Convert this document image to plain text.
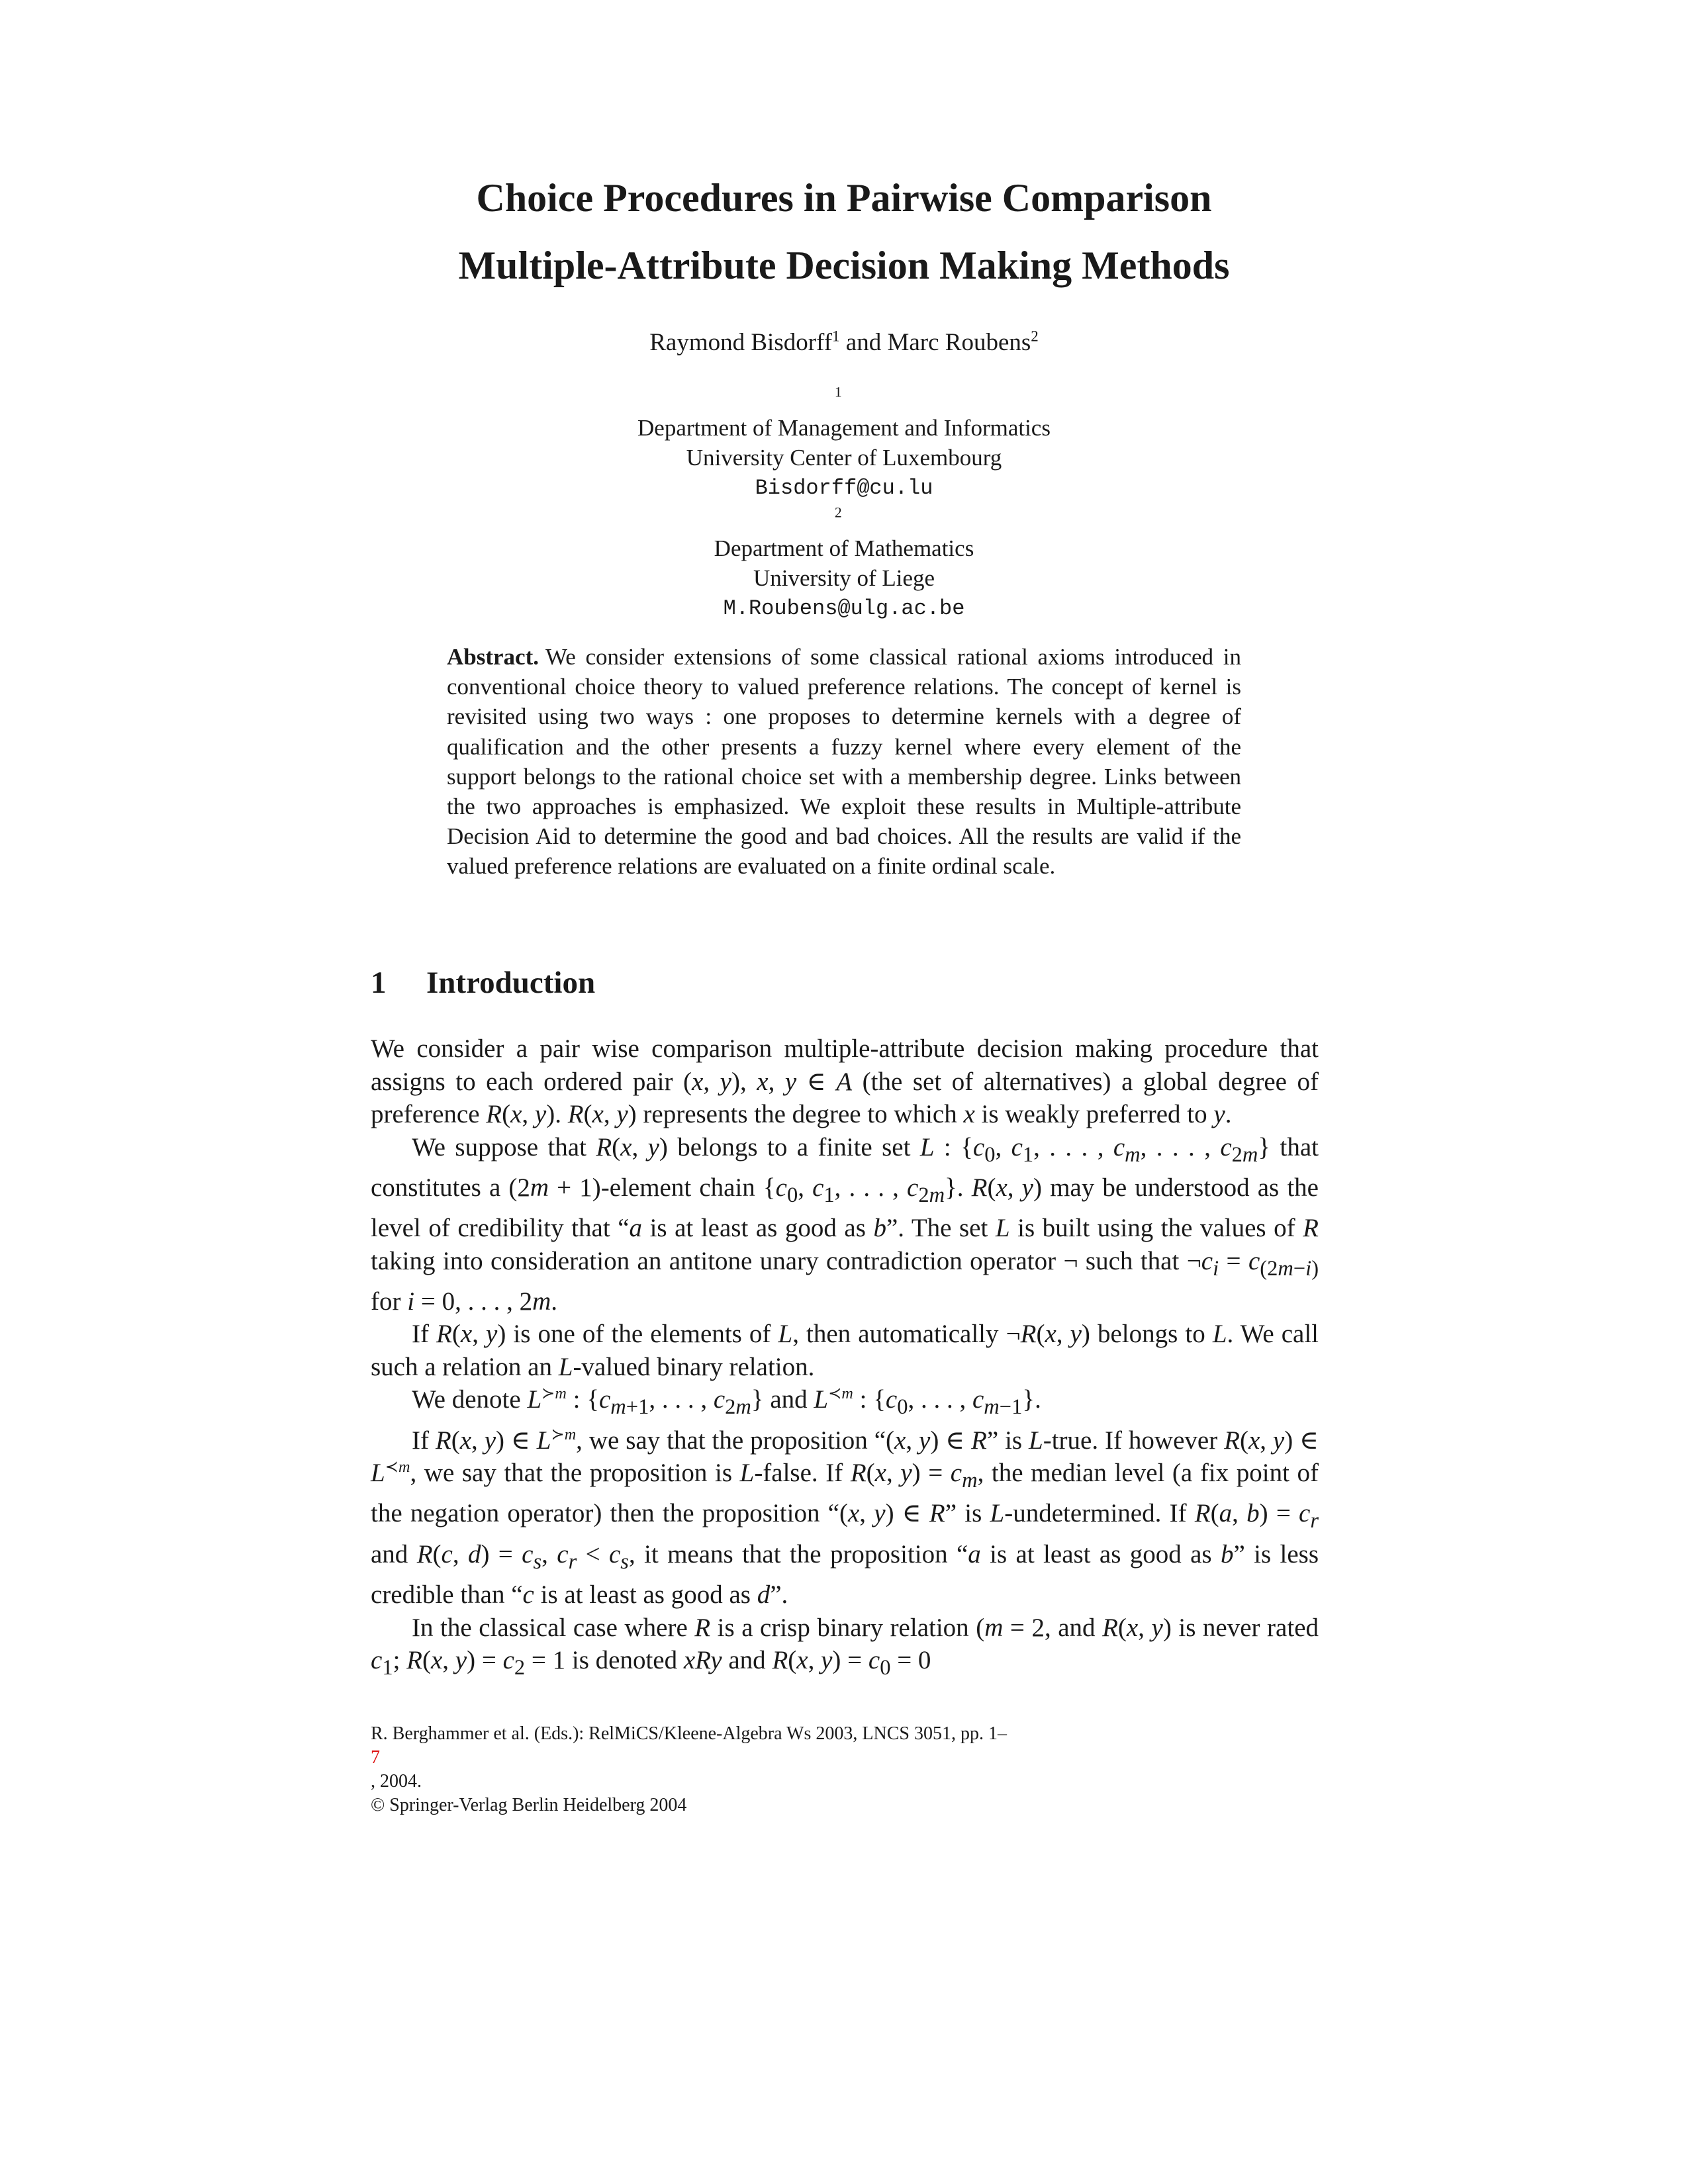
Choice Procedures in Pairwise Comparison
Multiple-Attribute Decision Making Methods
Raymond Bisdorff$^1$ and Marc Roubens$^2$
$^1$
Department of Management and Informatics
University Center of Luxembourg
Bisdorff@cu.lu
$^2$
Department of Mathematics
University of Liege
M.Roubens@ulg.ac.be

Abstract. We consider extensions of some classical rational axioms introduced in conventional choice theory to valued preference relations. The concept of kernel is revisited using two ways : one proposes to determine kernels with a degree of qualification and the other presents a fuzzy kernel where every element of the support belongs to the rational choice set with a membership degree. Links between the two approaches is emphasized. We exploit these results in Multiple-attribute Decision Aid to determine the good and bad choices. All the results are valid if the valued preference relations are evaluated on a finite ordinal scale.

1 Introduction

We consider a pair wise comparison multiple-attribute decision making procedure that assigns to each ordered pair (x, y), x, y ∈ A (the set of alternatives) a global degree of preference R(x, y). R(x, y) represents the degree to which x is weakly preferred to y.

We suppose that R(x, y) belongs to a finite set L : {$c_0$, $c_1$, . . . , $c_m$, . . . , $c_{2m}$} that constitutes a (2m + 1)-element chain {$c_0$, $c_1$, . . . , $c_{2m}$}. R(x, y) may be understood as the level of credibility that “a is at least as good as b”. The set L is built using the values of R taking into consideration an antitone unary contradiction operator ¬ such that $\neg c_i = c_{(2m-i)}$ for i = 0, . . . , 2m.

If R(x, y) is one of the elements of L, then automatically ¬R(x, y) belongs to L. We call such a relation an L-valued binary relation.

We denote $L^{≻m}$ : {$c_{m+1}$, . . . , $c_{2m}$} and $L^{≺m}$ : {$c_0$, . . . , $c_{m-1}$}.

If R(x, y) ∈ $L^{≻m}$, we say that the proposition “(x, y) ∈ R” is L-true. If however R(x, y) ∈ $L^{≺m}$, we say that the proposition is L-false. If R(x, $y) = c_m$, the median level (a fix point of the negation operator) then the proposition “(x, y) ∈ R” is L-undetermined. If R(a, $b) = c_r$ and R(c, $d) = c_s$, $c_r < c_s$, it means that the proposition “a is at least as good as b” is less credible than “c is at least as good as d”.

In the classical case where R is a crisp binary relation (m = 2, and R(x, y) is never rated $c_1$; R(x, $y) = c_2 = 1$ is denoted xRy and R(x, $y) = c_0 = 0$

R. Berghammer et al. (Eds.): RelMiCS/Kleene-Algebra Ws 2003, LNCS 3051, pp. 1–
7
, 2004.
© Springer-Verlag Berlin Heidelberg 2004
